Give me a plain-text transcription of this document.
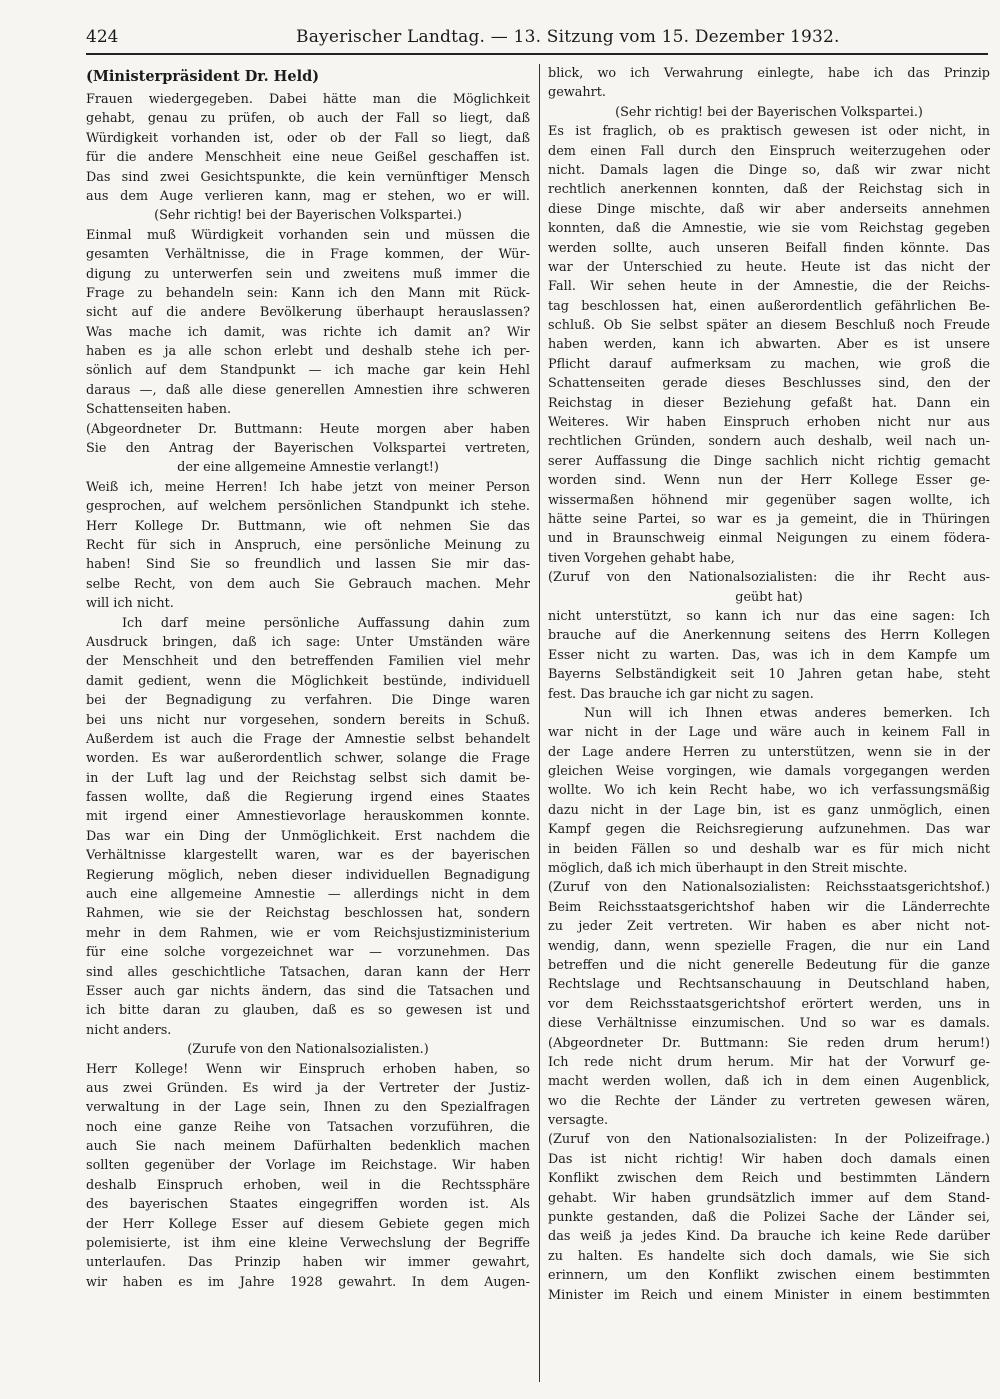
424	Bayerischer Landtag. — 13. Sitzung vom 15. Dezember 1932.
(Ministerpräsident Dr. Held)
Frauen wiedergegeben. Dabei hätte man die Möglichkeit
gehabt, genau zu prüfen, ob auch der Fall so liegt, daß
Würdigkeit vorhanden ist, oder ob der Fall so liegt, daß
für die andere Menschheit eine neue Geißel geschaffen ist.
Das sind zwei Gesichtspunkte, die kein vernünftiger Mensch
aus dem Auge verlieren kann, mag er stehen, wo er will.
(Sehr richtig! bei der Bayerischen Volkspartei.)
Einmal muß Würdigkeit vorhanden sein und müssen die
gesamten Verhältnisse, die in Frage kommen, der Wür-
digung zu unterwerfen sein und zweitens muß immer die
Frage zu behandeln sein: Kann ich den Mann mit Rück-
sicht auf die andere Bevölkerung überhaupt herauslassen?
Was mache ich damit, was richte ich damit an? Wir
haben es ja alle schon erlebt und deshalb stehe ich per-
sönlich auf dem Standpunkt — ich mache gar kein Hehl
daraus —, daß alle diese generellen Amnestien ihre schweren
Schattenseiten haben.
(Abgeordneter Dr. Buttmann: Heute morgen aber haben
Sie den Antrag der Bayerischen Volkspartei vertreten,
der eine allgemeine Amnestie verlangt!)
Weiß ich, meine Herren! Ich habe jetzt von meiner Person
gesprochen, auf welchem persönlichen Standpunkt ich stehe.
Herr Kollege Dr. Buttmann, wie oft nehmen Sie das
Recht für sich in Anspruch, eine persönliche Meinung zu
haben! Sind Sie so freundlich und lassen Sie mir das-
selbe Recht, von dem auch Sie Gebrauch machen. Mehr
will ich nicht.
Ich darf meine persönliche Auffassung dahin zum
Ausdruck bringen, daß ich sage: Unter Umständen wäre
der Menschheit und den betreffenden Familien viel mehr
damit gedient, wenn die Möglichkeit bestünde, individuell
bei der Begnadigung zu verfahren. Die Dinge waren
bei uns nicht nur vorgesehen, sondern bereits in Schuß.
Außerdem ist auch die Frage der Amnestie selbst behandelt
worden. Es war außerordentlich schwer, solange die Frage
in der Luft lag und der Reichstag selbst sich damit be-
fassen wollte, daß die Regierung irgend eines Staates
mit irgend einer Amnestievorlage herauskommen konnte.
Das war ein Ding der Unmöglichkeit. Erst nachdem die
Verhältnisse klargestellt waren, war es der bayerischen
Regierung möglich, neben dieser individuellen Begnadigung
auch eine allgemeine Amnestie — allerdings nicht in dem
Rahmen, wie sie der Reichstag beschlossen hat, sondern
mehr in dem Rahmen, wie er vom Reichsjustizministerium
für eine solche vorgezeichnet war — vorzunehmen. Das
sind alles geschichtliche Tatsachen, daran kann der Herr
Esser auch gar nichts ändern, das sind die Tatsachen und
ich bitte daran zu glauben, daß es so gewesen ist und
nicht anders.
(Zurufe von den Nationalsozialisten.)
Herr Kollege! Wenn wir Einspruch erhoben haben, so
aus zwei Gründen. Es wird ja der Vertreter der Justiz-
verwaltung in der Lage sein, Ihnen zu den Spezialfragen
noch eine ganze Reihe von Tatsachen vorzuführen, die
auch Sie nach meinem Dafürhalten bedenklich machen
sollten gegenüber der Vorlage im Reichstage. Wir haben
deshalb Einspruch erhoben, weil in die Rechtssphäre
des bayerischen Staates eingegriffen worden ist. Als
der Herr Kollege Esser auf diesem Gebiete gegen mich
polemisierte, ist ihm eine kleine Verwechslung der Begriffe
unterlaufen. Das Prinzip haben wir immer gewahrt,
wir haben es im Jahre 1928 gewahrt. In dem Augen-
blick, wo ich Verwahrung einlegte, habe ich das Prinzip
gewahrt.
(Sehr richtig! bei der Bayerischen Volkspartei.)
Es ist fraglich, ob es praktisch gewesen ist oder nicht, in
dem einen Fall durch den Einspruch weiterzugehen oder
nicht. Damals lagen die Dinge so, daß wir zwar nicht
rechtlich anerkennen konnten, daß der Reichstag sich in
diese Dinge mischte, daß wir aber anderseits annehmen
konnten, daß die Amnestie, wie sie vom Reichstag gegeben
werden sollte, auch unseren Beifall finden könnte. Das
war der Unterschied zu heute. Heute ist das nicht der
Fall. Wir sehen heute in der Amnestie, die der Reichs-
tag beschlossen hat, einen außerordentlich gefährlichen Be-
schluß. Ob Sie selbst später an diesem Beschluß noch Freude
haben werden, kann ich abwarten. Aber es ist unsere
Pflicht darauf aufmerksam zu machen, wie groß die
Schattenseiten gerade dieses Beschlusses sind, den der
Reichstag in dieser Beziehung gefaßt hat. Dann ein
Weiteres. Wir haben Einspruch erhoben nicht nur aus
rechtlichen Gründen, sondern auch deshalb, weil nach un-
serer Auffassung die Dinge sachlich nicht richtig gemacht
worden sind. Wenn nun der Herr Kollege Esser ge-
wissermaßen höhnend mir gegenüber sagen wollte, ich
hätte seine Partei, so war es ja gemeint, die in Thüringen
und in Braunschweig einmal Neigungen zu einem födera-
tiven Vorgehen gehabt habe,
(Zuruf von den Nationalsozialisten: die ihr Recht aus-
geübt hat)
nicht unterstützt, so kann ich nur das eine sagen: Ich
brauche auf die Anerkennung seitens des Herrn Kollegen
Esser nicht zu warten. Das, was ich in dem Kampfe um
Bayerns Selbständigkeit seit 10 Jahren getan habe, steht
fest. Das brauche ich gar nicht zu sagen.
Nun will ich Ihnen etwas anderes bemerken. Ich
war nicht in der Lage und wäre auch in keinem Fall in
der Lage andere Herren zu unterstützen, wenn sie in der
gleichen Weise vorgingen, wie damals vorgegangen werden
wollte. Wo ich kein Recht habe, wo ich verfassungsmäßig
dazu nicht in der Lage bin, ist es ganz unmöglich, einen
Kampf gegen die Reichsregierung aufzunehmen. Das war
in beiden Fällen so und deshalb war es für mich nicht
möglich, daß ich mich überhaupt in den Streit mischte.
(Zuruf von den Nationalsozialisten: Reichsstaatsgerichtshof.)
Beim Reichsstaatsgerichtshof haben wir die Länderrechte
zu jeder Zeit vertreten. Wir haben es aber nicht not-
wendig, dann, wenn spezielle Fragen, die nur ein Land
betreffen und die nicht generelle Bedeutung für die ganze
Rechtslage und Rechtsanschauung in Deutschland haben,
vor dem Reichsstaatsgerichtshof erörtert werden, uns in
diese Verhältnisse einzumischen. Und so war es damals.
(Abgeordneter Dr. Buttmann: Sie reden drum herum!)
Ich rede nicht drum herum. Mir hat der Vorwurf ge-
macht werden wollen, daß ich in dem einen Augenblick,
wo die Rechte der Länder zu vertreten gewesen wären,
versagte.
(Zuruf von den Nationalsozialisten: In der Polizeifrage.)
Das ist nicht richtig! Wir haben doch damals einen
Konflikt zwischen dem Reich und bestimmten Ländern
gehabt. Wir haben grundsätzlich immer auf dem Stand-
punkte gestanden, daß die Polizei Sache der Länder sei,
das weiß ja jedes Kind. Da brauche ich keine Rede darüber
zu halten. Es handelte sich doch damals, wie Sie sich
erinnern, um den Konflikt zwischen einem bestimmten
Minister im Reich und einem Minister in einem bestimmten
